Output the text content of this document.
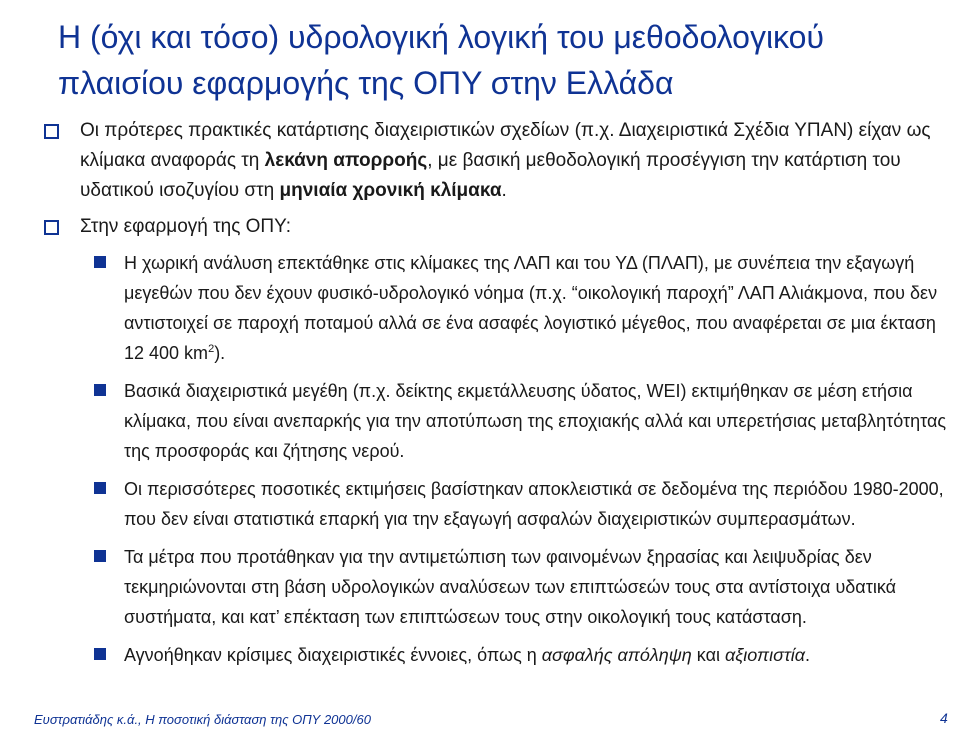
Η (όχι και τόσο) υδρολογική λογική του μεθοδολογικού πλαισίου εφαρμογής της ΟΠΥ στην Ελλάδα
Οι πρότερες πρακτικές κατάρτισης διαχειριστικών σχεδίων (π.χ. Διαχειριστικά Σχέδια ΥΠΑΝ) είχαν ως κλίμακα αναφοράς τη λεκάνη απορροής, με βασική μεθοδολογική προσέγγιση την κατάρτιση του υδατικού ισοζυγίου στη μηνιαία χρονική κλίμακα.
Στην εφαρμογή της ΟΠΥ:
Η χωρική ανάλυση επεκτάθηκε στις κλίμακες της ΛΑΠ και του ΥΔ (ΠΛΑΠ), με συνέπεια την εξαγωγή μεγεθών που δεν έχουν φυσικό-υδρολογικό νόημα (π.χ. “οικολογική παροχή” ΛΑΠ Αλιάκμονα, που δεν αντιστοιχεί σε παροχή ποταμού αλλά σε ένα ασαφές λογιστικό μέγεθος, που αναφέρεται σε μια έκταση 12 400 $km^2$).
Βασικά διαχειριστικά μεγέθη (π.χ. δείκτης εκμετάλλευσης ύδατος, WEI) εκτιμήθηκαν σε μέση ετήσια κλίμακα, που είναι ανεπαρκής για την αποτύπωση της εποχιακής αλλά και υπερετήσιας μεταβλητότητας της προσφοράς και ζήτησης νερού.
Οι περισσότερες ποσοτικές εκτιμήσεις βασίστηκαν αποκλειστικά σε δεδομένα της περιόδου 1980-2000, που δεν είναι στατιστικά επαρκή για την εξαγωγή ασφαλών διαχειριστικών συμπερασμάτων.
Τα μέτρα που προτάθηκαν για την αντιμετώπιση των φαινομένων ξηρασίας και λειψυδρίας δεν τεκμηριώνονται στη βάση υδρολογικών αναλύσεων των επιπτώσεών τους στα αντίστοιχα υδατικά συστήματα, και κατ’ επέκταση των επιπτώσεων τους στην οικολογική τους κατάσταση.
Αγνοήθηκαν κρίσιμες διαχειριστικές έννοιες, όπως η ασφαλής απόληψη και αξιοπιστία.
Ευστρατιάδης κ.ά., Η ποσοτική διάσταση της ΟΠΥ 2000/60	4
